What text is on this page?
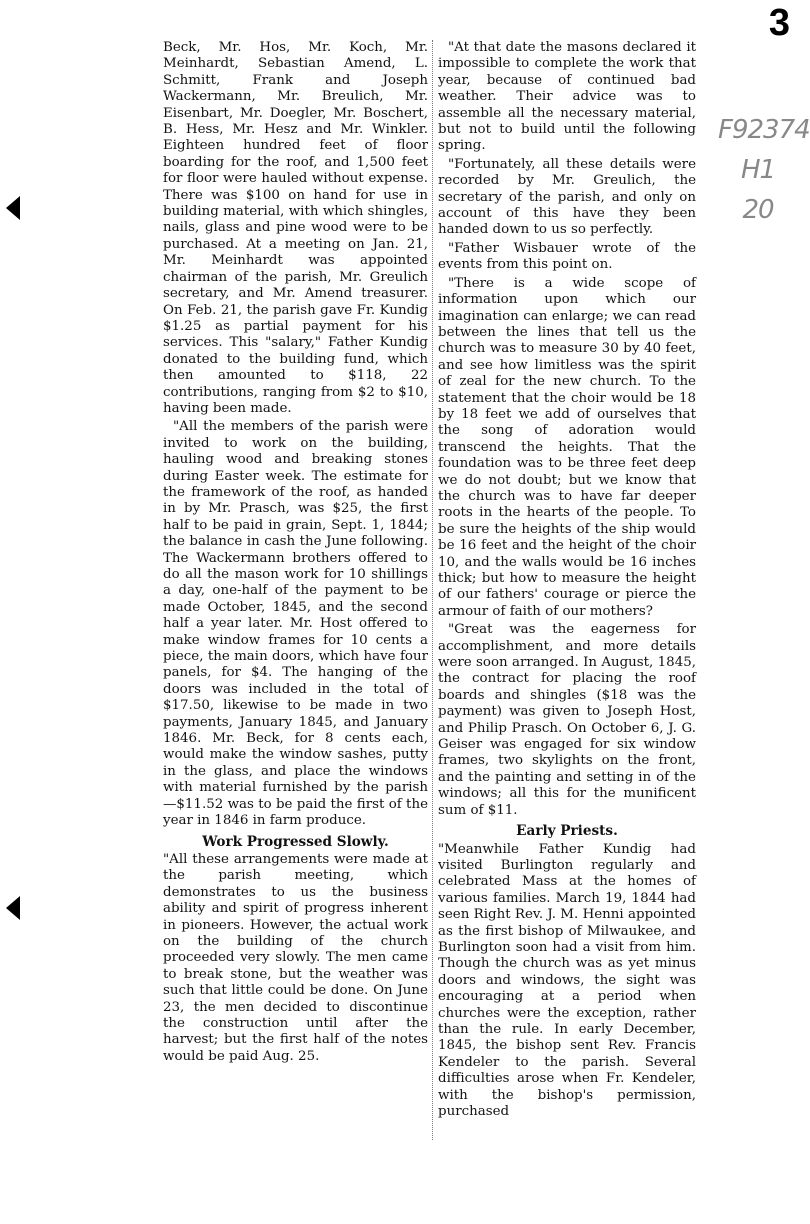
3

Beck, Mr. Hos, Mr. Koch, Mr. Meinhardt, Sebastian Amend, L. Schmitt, Frank and Joseph Wackermann, Mr. Breulich, Mr. Eisenbart, Mr. Doegler, Mr. Boschert, B. Hess, Mr. Hesz and Mr. Winkler. Eighteen hundred feet of floor boarding for the roof, and 1,500 feet for floor were hauled without expense. There was $100 on hand for use in building material, with which shingles, nails, glass and pine wood were to be purchased. At a meeting on Jan. 21, Mr. Meinhardt was appointed chairman of the parish, Mr. Greulich secretary, and Mr. Amend treasurer. On Feb. 21, the parish gave Fr. Kundig $1.25 as partial payment for his services. This "salary," Father Kundig donated to the building fund, which then amounted to $118, 22 contributions, ranging from $2 to $10, having been made.

"All the members of the parish were invited to work on the building, hauling wood and breaking stones during Easter week. The estimate for the framework of the roof, as handed in by Mr. Prasch, was $25, the first half to be paid in grain, Sept. 1, 1844; the balance in cash the June following. The Wackermann brothers offered to do all the mason work for 10 shillings a day, one-half of the payment to be made October, 1845, and the second half a year later. Mr. Host offered to make window frames for 10 cents a piece, the main doors, which have four panels, for $4. The hanging of the doors was included in the total of $17.50, likewise to be made in two payments, January 1845, and January 1846. Mr. Beck, for 8 cents each, would make the window sashes, putty in the glass, and place the windows with material furnished by the parish—$11.52 was to be paid the first of the year in 1846 in farm produce.

Work Progressed Slowly.

"All these arrangements were made at the parish meeting, which demonstrates to us the business ability and spirit of progress inherent in pioneers. However, the actual work on the building of the church proceeded very slowly. The men came to break stone, but the weather was such that little could be done. On June 23, the men decided to discontinue the construction until after the harvest; but the first half of the notes would be paid Aug. 25.

"At that date the masons declared it impossible to complete the work that year, because of continued bad weather. Their advice was to assemble all the necessary material, but not to build until the following spring.

"Fortunately, all these details were recorded by Mr. Greulich, the secretary of the parish, and only on account of this have they been handed down to us so perfectly.

"Father Wisbauer wrote of the events from this point on.

"There is a wide scope of information upon which our imagination can enlarge; we can read between the lines that tell us the church was to measure 30 by 40 feet, and see how limitless was the spirit of zeal for the new church. To the statement that the choir would be 18 by 18 feet we add of ourselves that the song of adoration would transcend the heights. That the foundation was to be three feet deep we do not doubt; but we know that the church was to have far deeper roots in the hearts of the people. To be sure the heights of the ship would be 16 feet and the height of the choir 10, and the walls would be 16 inches thick; but how to measure the height of our fathers' courage or pierce the armour of faith of our mothers?

"Great was the eagerness for accomplishment, and more details were soon arranged. In August, 1845, the contract for placing the roof boards and shingles ($18 was the payment) was given to Joseph Host, and Philip Prasch. On October 6, J. G. Geiser was engaged for six window frames, two skylights on the front, and the painting and setting in of the windows; all this for the munificent sum of $11.

Early Priests.

"Meanwhile Father Kundig had visited Burlington regularly and celebrated Mass at the homes of various families. March 19, 1844 had seen Right Rev. J. M. Henni appointed as the first bishop of Milwaukee, and Burlington soon had a visit from him. Though the church was as yet minus doors and windows, the sight was encouraging at a period when churches were the exception, rather than the rule. In early December, 1845, the bishop sent Rev. Francis Kendeler to the parish. Several difficulties arose when Fr. Kendeler, with the bishop's permission, purchased

F92374
H1
20
